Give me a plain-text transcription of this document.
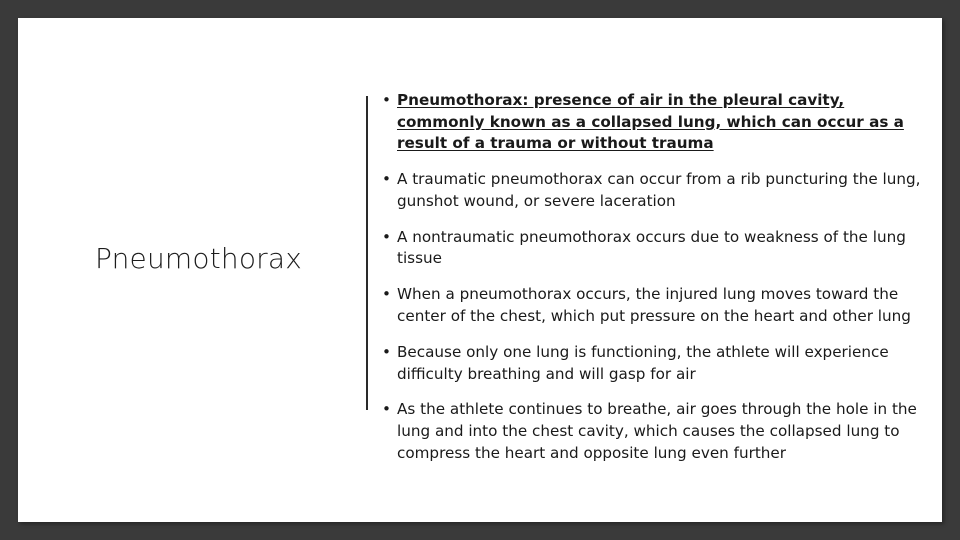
Pneumothorax
• Pneumothorax: presence of air in the pleural cavity, commonly known as a collapsed lung, which can occur as a result of a trauma or without trauma
• A traumatic pneumothorax can occur from a rib puncturing the lung, gunshot wound, or severe laceration
• A nontraumatic pneumothorax occurs due to weakness of the lung tissue
• When a pneumothorax occurs, the injured lung moves toward the center of the chest, which put pressure on the heart and other lung
• Because only one lung is functioning, the athlete will experience difficulty breathing and will gasp for air
• As the athlete continues to breathe, air goes through the hole in the lung and into the chest cavity, which causes the collapsed lung to compress the heart and opposite lung even further
